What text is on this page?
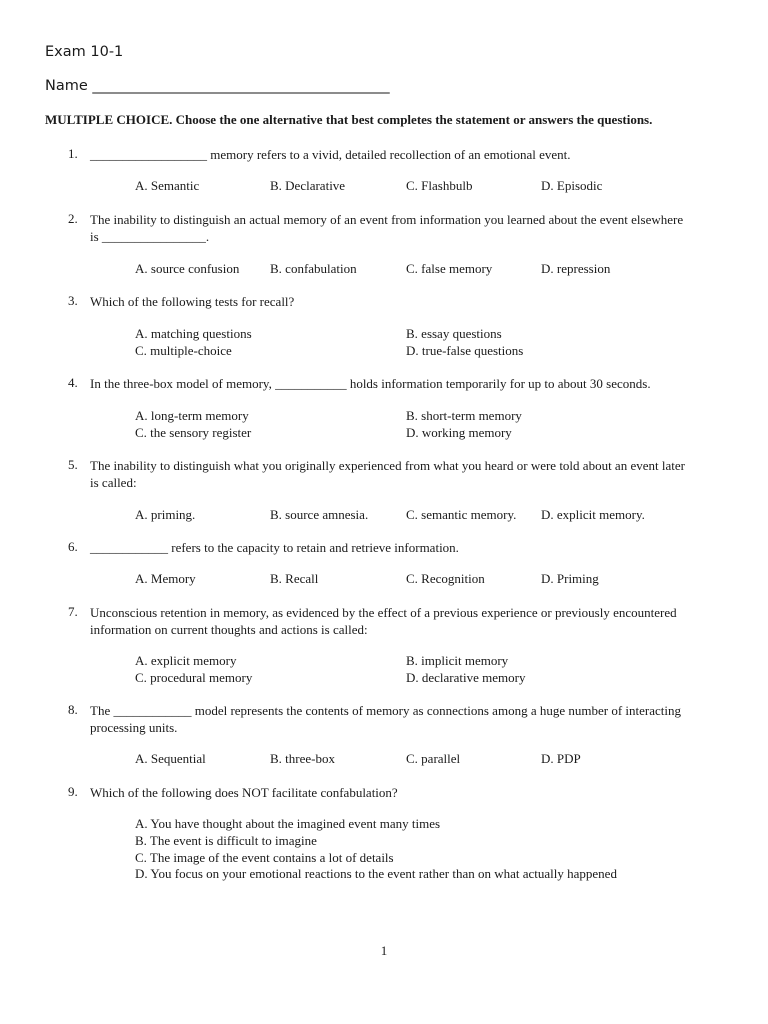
Exam 10-1
Name _________________________________________
MULTIPLE CHOICE. Choose the one alternative that best completes the statement or answers the questions.
1. __________________ memory refers to a vivid, detailed recollection of an emotional event.
A. Semantic	B. Declarative	C. Flashbulb	D. Episodic
2. The inability to distinguish an actual memory of an event from information you learned about the event elsewhere
is ________________.
A. source confusion B. confabulation	C. false memory	D. repression
3. Which of the following tests for recall?
A. matching questions	B. essay questions
C. multiple-choice	D. true-false questions
4. In the three-box model of memory, ___________ holds information temporarily for up to about 30 seconds.
A. long-term memory	B. short-term memory
C. the sensory register	D. working memory
5. The inability to distinguish what you originally experienced from what you heard or were told about an event later
is called:
A. priming.	B. source amnesia.	C. semantic memory. D. explicit memory.
6. ____________ refers to the capacity to retain and retrieve information.
A. Memory	B. Recall	C. Recognition	D. Priming
7. Unconscious retention in memory, as evidenced by the effect of a previous experience or previously encountered
information on current thoughts and actions is called:
A. explicit memory	B. implicit memory
C. procedural memory	D. declarative memory
8. The ____________ model represents the contents of memory as connections among a huge number of interacting
processing units.
A. Sequential	B. three-box	C. parallel	D. PDP
9. Which of the following does NOT facilitate confabulation?
A. You have thought about the imagined event many times
B. The event is difficult to imagine
C. The image of the event contains a lot of details
D. You focus on your emotional reactions to the event rather than on what actually happened
1
